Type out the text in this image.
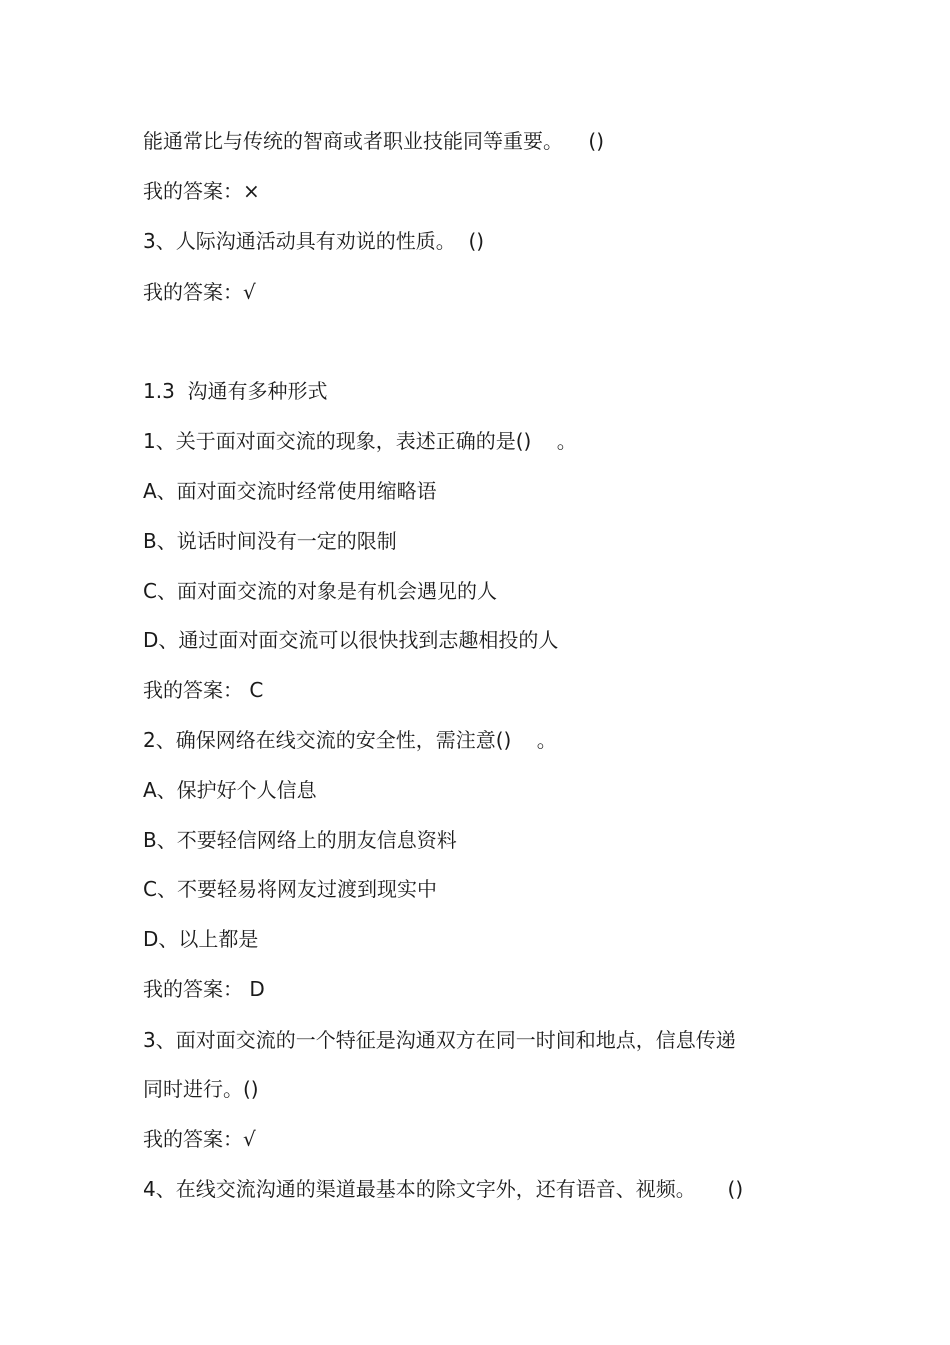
能通常比与传统的智商或者职业技能同等重要。    ()
我的答案：×
3、人际沟通活动具有劝说的性质。  ()
我的答案：√
1.3  沟通有多种形式
1、关于面对面交流的现象，表述正确的是()    。
A、面对面交流时经常使用缩略语
B、说话时间没有一定的限制
C、面对面交流的对象是有机会遇见的人
D、通过面对面交流可以很快找到志趣相投的人
我的答案： C
2、确保网络在线交流的安全性，需注意()    。
A、保护好个人信息
B、不要轻信网络上的朋友信息资料
C、不要轻易将网友过渡到现实中
D、以上都是
我的答案： D
3、面对面交流的一个特征是沟通双方在同一时间和地点，信息传递
同时进行。()
我的答案：√
4、在线交流沟通的渠道最基本的除文字外，还有语音、视频。     ()
